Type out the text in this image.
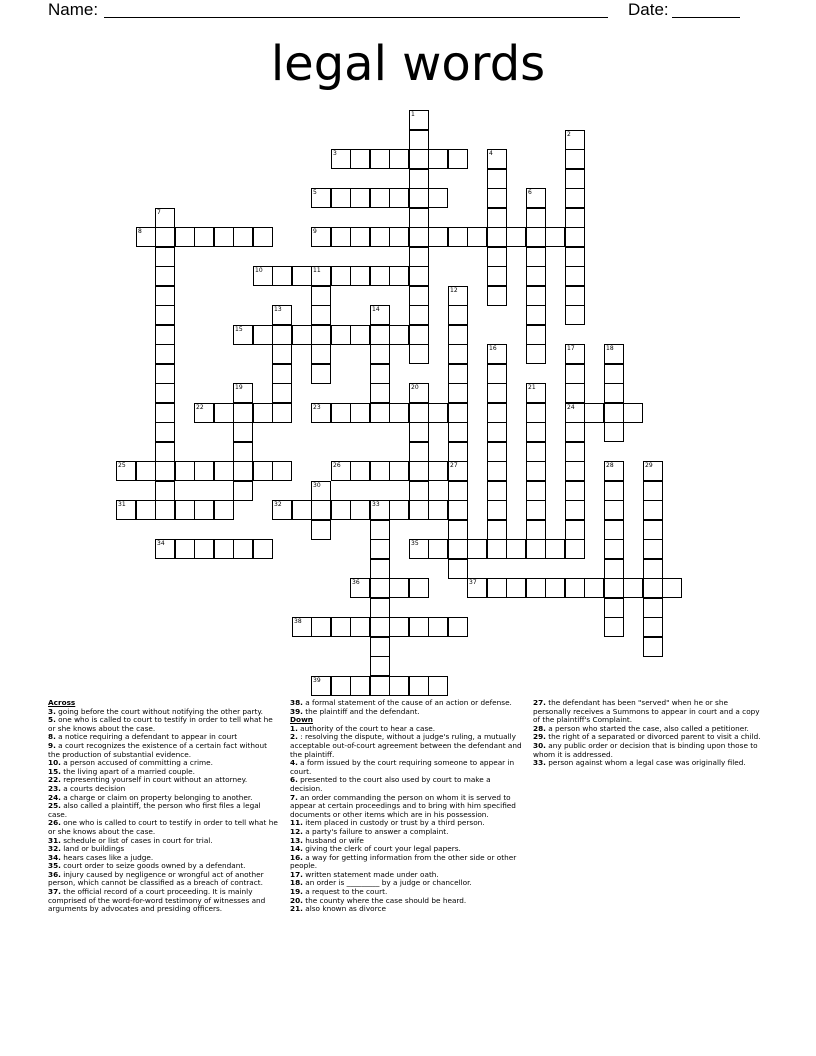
Name:	Date:
legal words
1
2
3	4
5	6
7
8	9
10	11
12
13	14
15
16	17	18
19	20	21
22	23	24
25	26	27	28	29
30
31	32	33
34	35
36	37
38
39
Across
3. going before the court without notifying the other party.
5. one who is called to court to testify in order to tell what he or she knows about the case.
8. a notice requiring a defendant to appear in court
9. a court recognizes the existence of a certain fact without the production of substantial evidence.
10. a person accused of committing a crime.
15. the living apart of a married couple.
22. representing yourself in court without an attorney.
23. a courts decision
24. a charge or claim on property belonging to another.
25. also called a plaintiff, the person who first files a legal case.
26. one who is called to court to testify in order to tell what he or she knows about the case.
31. schedule or list of cases in court for trial.
32. land or buildings
34. hears cases like a judge.
35. court order to seize goods owned by a defendant.
36. injury caused by negligence or wrongful act of another person, which cannot be classified as a breach of contract.
37. the official record of a court proceeding. It is mainly comprised of the word-for-word testimony of witnesses and arguments by advocates and presiding officers.
38. a formal statement of the cause of an action or defense.
39. the plaintiff and the defendant.
Down
1. authority of the court to hear a case.
2. : resolving the dispute, without a judge's ruling, a mutually acceptable out-of-court agreement between the defendant and the plaintiff.
4. a form issued by the court requiring someone to appear in court.
6. presented to the court also used by court to make a decision.
7. an order commanding the person on whom it is served to appear at certain proceedings and to bring with him specified documents or other items which are in his possession.
11. item placed in custody or trust by a third person.
12. a party's failure to answer a complaint.
13. husband or wife
14. giving the clerk of court your legal papers.
16. a way for getting information from the other side or other people.
17. written statement made under oath.
18. an order is _________ by a judge or chancellor.
19. a request to the court.
20. the county where the case should be heard.
21. also known as divorce
27. the defendant has been "served" when he or she personally receives a Summons to appear in court and a copy of the plaintiff's Complaint.
28. a person who started the case, also called a petitioner.
29. the right of a separated or divorced parent to visit a child.
30. any public order or decision that is binding upon those to whom it is addressed.
33. person against whom a legal case was originally filed.
